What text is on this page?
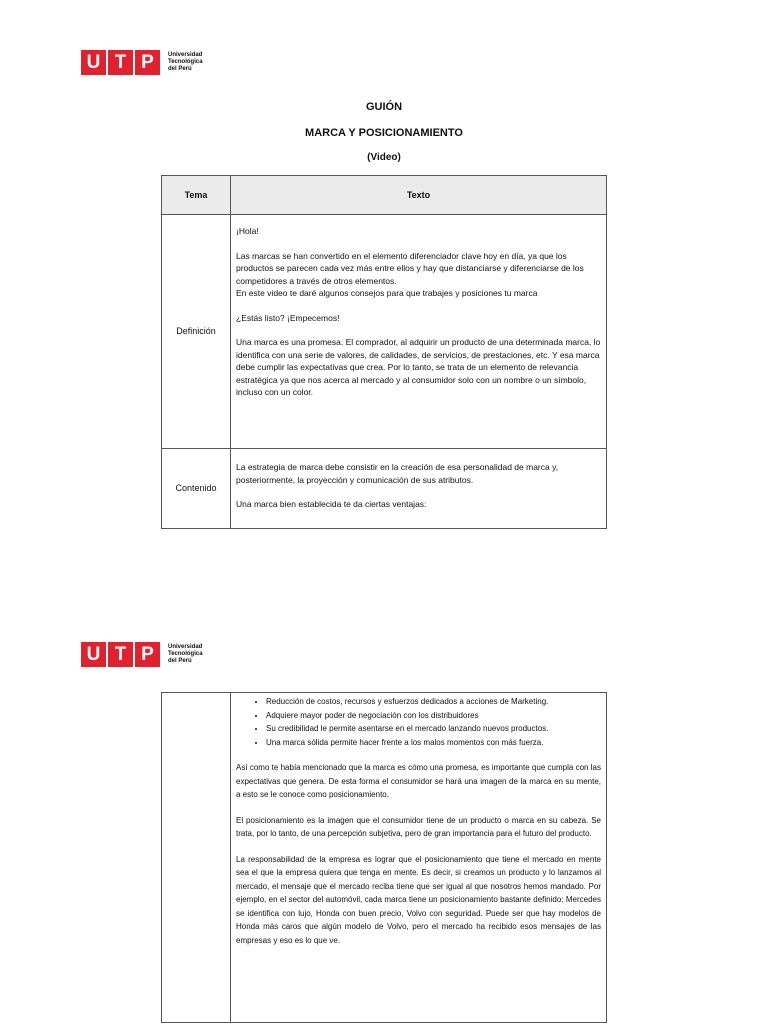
U T P	Universidad
Tecnológica
del Perú
GUIÓN
MARCA Y POSICIONAMIENTO
(Video)
Tema	Texto
Definición	¡Hola!

Las marcas se han convertido en el elemento diferenciador clave hoy en día, ya que los productos se parecen cada vez más entre ellos y hay que distanciarse y diferenciarse de los competidores a través de otros elementos.

En este video te daré algunos consejos para que trabajes y posiciones tu marca

¿Estás listo? ¡Empecemos!

Una marca es una promesa. El comprador, al adquirir un producto de una determinada marca, lo identifica con una serie de valores, de calidades, de servicios, de prestaciones, etc. Y esa marca debe cumplir las expectativas que crea. Por lo tanto, se trata de un elemento de relevancia estratégica ya que nos acerca al mercado y al consumidor solo con un nombre o un símbolo, incluso con un color.

Contenido	La estrategia de marca debe consistir en la creación de esa personalidad de marca y, posteriormente, la proyección y comunicación de sus atributos.

Una marca bien establecida te da ciertas ventajas:

U T P	Universidad
Tecnológica
del Perú

• Reducción de costos, recursos y esfuerzos dedicados a acciones de Marketing.
• Adquiere mayor poder de negociación con los distribuidores
• Su credibilidad le permite asentarse en el mercado lanzando nuevos productos.
• Una marca sólida permite hacer frente a los malos momentos con más fuerza.

Así como te había mencionado que la marca es cómo una promesa, es importante que cumpla con las expectativas que genera. De esta forma el consumidor se hará una imagen de la marca en su mente, a esto se le conoce como posicionamiento.

El posicionamiento es la imagen que el consumidor tiene de un producto o marca en su cabeza. Se trata, por lo tanto, de una percepción subjetiva, pero de gran importancia para el futuro del producto.

La responsabilidad de la empresa es lograr que el posicionamiento que tiene el mercado en mente sea el que la empresa quiera que tenga en mente. Es decir, si creamos un producto y lo lanzamos al mercado, el mensaje que el mercado reciba tiene que ser igual al que nosotros hemos mandado. Por ejemplo, en el sector del automóvil, cada marca tiene un posicionamiento bastante definido: Mercedes se identifica con lujo, Honda con buen precio, Volvo con seguridad. Puede ser que hay modelos de Honda más caros que algún modelo de Volvo, pero el mercado ha recibido esos mensajes de las empresas y eso es lo que ve.
